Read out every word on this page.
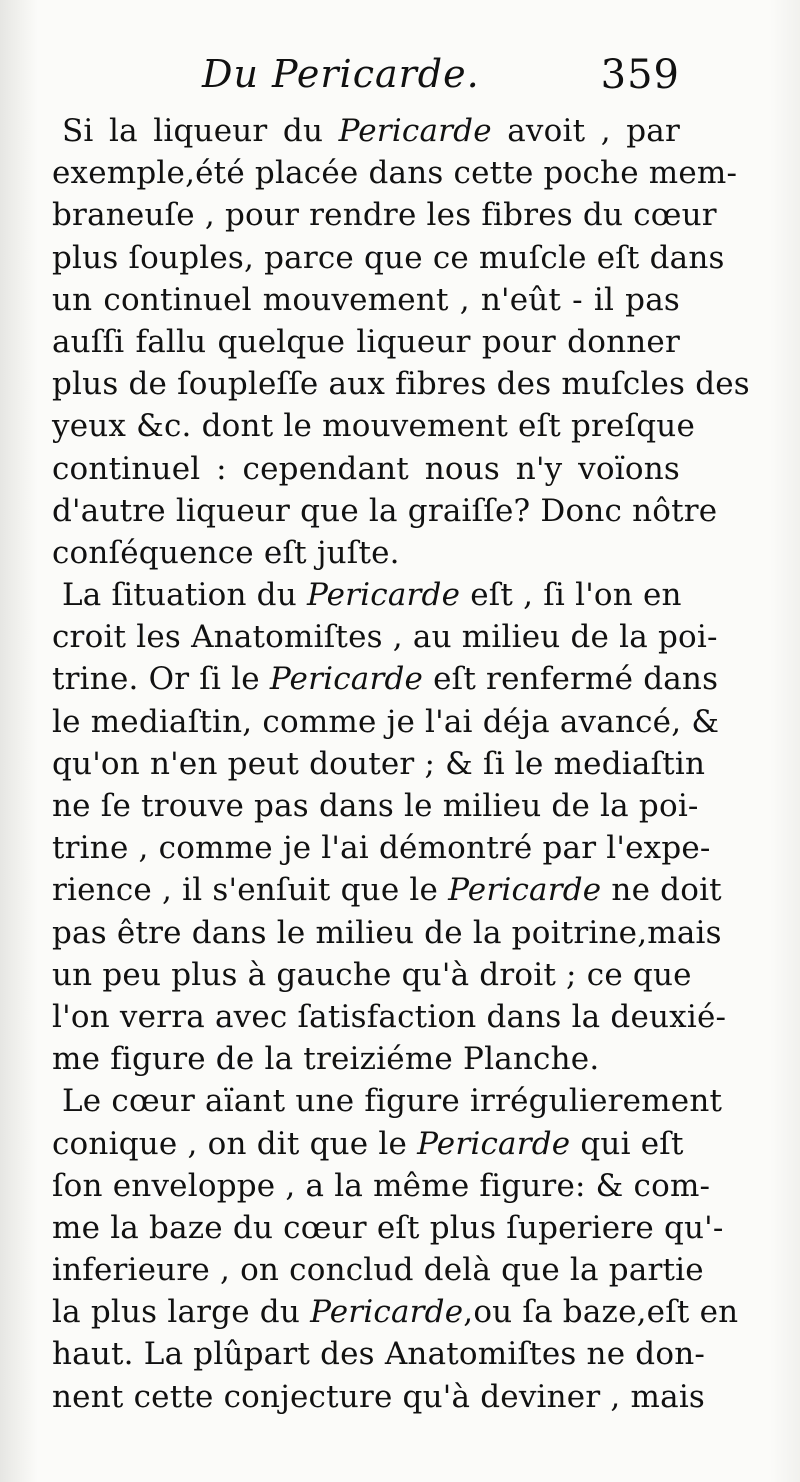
Du Pericarde.	359
Si la liqueur du Pericarde avoit , par
exemple,été placée dans cette poche mem-
braneuſe , pour rendre les fibres du cœur
plus ſouples, parce que ce muſcle eſt dans
un continuel mouvement , n'eût - il pas
auſſi fallu quelque liqueur pour donner
plus de ſoupleſſe aux fibres des muſcles des
yeux &c. dont le mouvement eſt preſque
continuel : cependant nous n'y voïons
d'autre liqueur que la graiſſe? Donc nôtre
conſéquence eſt juſte.
La ſituation du Pericarde eſt , ſi l'on en
croit les Anatomiſtes , au milieu de la poi-
trine. Or ſi le Pericarde eſt renfermé dans
le mediaſtin, comme je l'ai déja avancé, &
qu'on n'en peut douter ; & ſi le mediaſtin
ne ſe trouve pas dans le milieu de la poi-
trine , comme je l'ai démontré par l'expe-
rience , il s'enſuit que le Pericarde ne doit
pas être dans le milieu de la poitrine,mais
un peu plus à gauche qu'à droit ; ce que
l'on verra avec ſatisfaction dans la deuxié-
me figure de la treiziéme Planche.
Le cœur aïant une figure irrégulierement
conique , on dit que le Pericarde qui eſt
ſon enveloppe , a la même figure: & com-
me la baze du cœur eſt plus ſuperiere qu'-
inferieure , on conclud delà que la partie
la plus large du Pericarde,ou ſa baze,eſt en
haut. La plûpart des Anatomiſtes ne don-
nent cette conjecture qu'à deviner , mais
